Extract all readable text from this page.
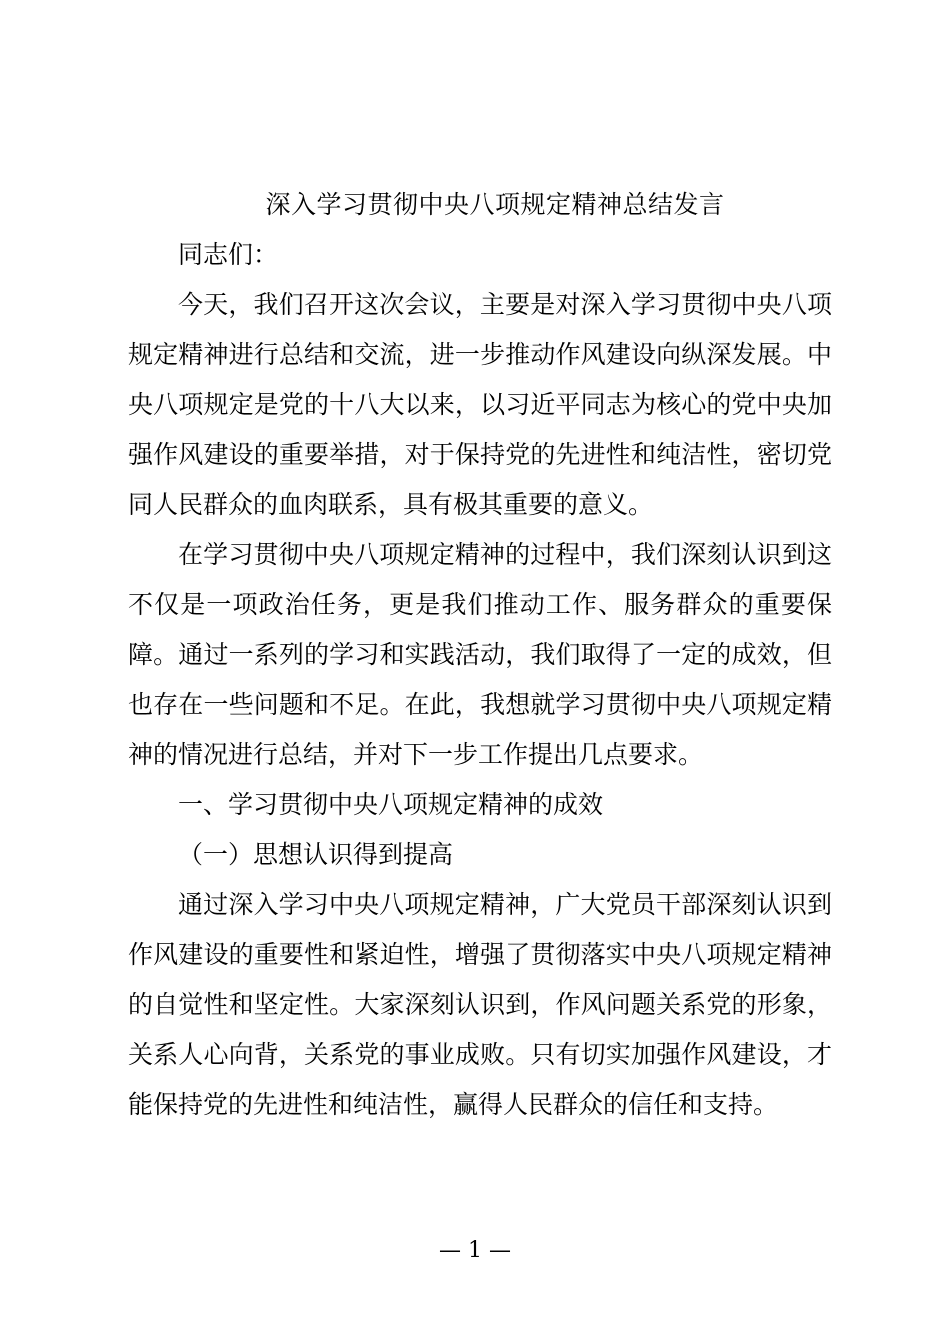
深入学习贯彻中央八项规定精神总结发言

同志们：

今天，我们召开这次会议，主要是对深入学习贯彻中央八项规定精神进行总结和交流，进一步推动作风建设向纵深发展。中央八项规定是党的十八大以来，以习近平同志为核心的党中央加强作风建设的重要举措，对于保持党的先进性和纯洁性，密切党同人民群众的血肉联系，具有极其重要的意义。

在学习贯彻中央八项规定精神的过程中，我们深刻认识到这不仅是一项政治任务，更是我们推动工作、服务群众的重要保障。通过一系列的学习和实践活动，我们取得了一定的成效，但也存在一些问题和不足。在此，我想就学习贯彻中央八项规定精神的情况进行总结，并对下一步工作提出几点要求。

一、学习贯彻中央八项规定精神的成效

（一）思想认识得到提高

通过深入学习中央八项规定精神，广大党员干部深刻认识到作风建设的重要性和紧迫性，增强了贯彻落实中央八项规定精神的自觉性和坚定性。大家深刻认识到，作风问题关系党的形象，关系人心向背，关系党的事业成败。只有切实加强作风建设，才能保持党的先进性和纯洁性，赢得人民群众的信任和支持。

— 1 —
